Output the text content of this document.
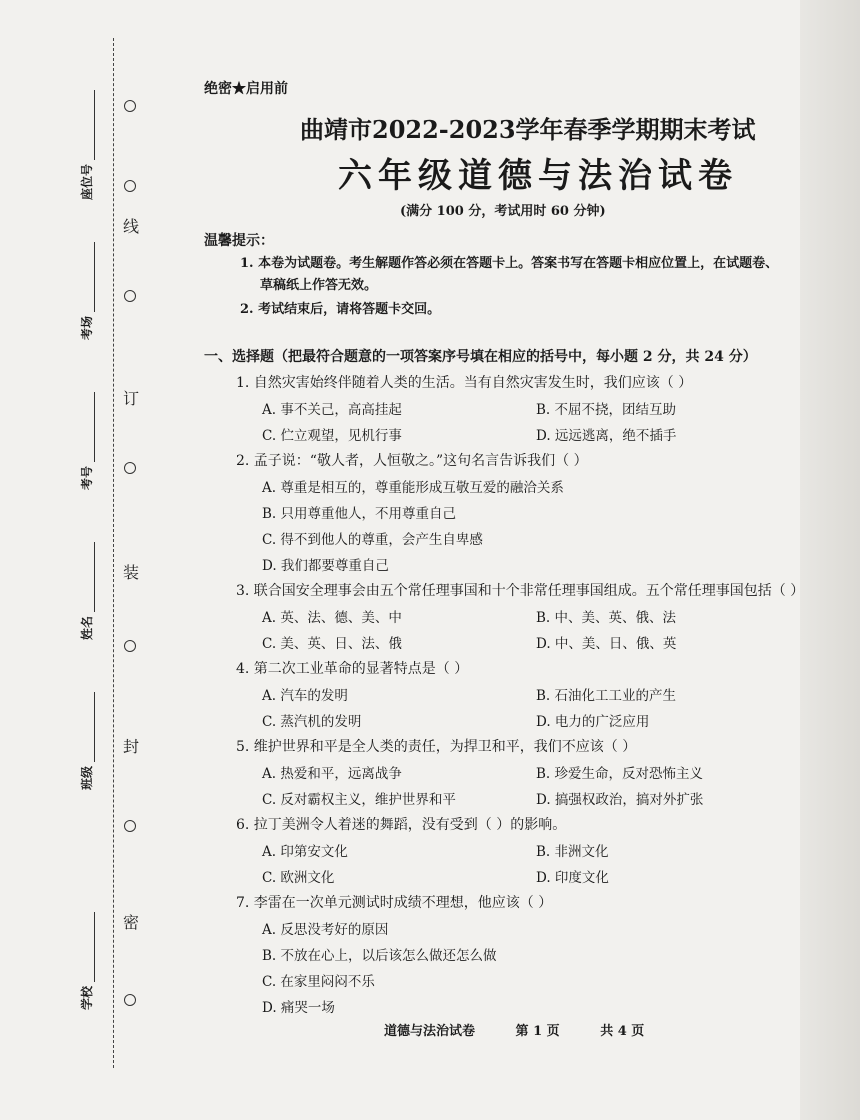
线
订
装
封
密
座位号
考场
考号
姓名
班级
学校
绝密★启用前
曲靖市2022-2023学年春季学期期末考试
六年级道德与法治试卷
(满分 100 分，考试用时 60 分钟)
温馨提示：
1. 本卷为试题卷。考生解题作答必须在答题卡上。答案书写在答题卡相应位置上，在试题卷、
草稿纸上作答无效。
2. 考试结束后，请将答题卡交回。
一、选择题（把最符合题意的一项答案序号填在相应的括号中，每小题 2 分，共 24 分）
1. 自然灾害始终伴随着人类的生活。当有自然灾害发生时，我们应该（ ）
A. 事不关己，高高挂起	B. 不屈不挠，团结互助
C. 伫立观望，见机行事	D. 远远逃离，绝不插手
2. 孟子说：“敬人者，人恒敬之。”这句名言告诉我们（ ）
A. 尊重是相互的，尊重能形成互敬互爱的融洽关系
B. 只用尊重他人，不用尊重自己
C. 得不到他人的尊重，会产生自卑感
D. 我们都要尊重自己
3. 联合国安全理事会由五个常任理事国和十个非常任理事国组成。五个常任理事国包括（ ）
A. 英、法、德、美、中	B. 中、美、英、俄、法
C. 美、英、日、法、俄	D. 中、美、日、俄、英
4. 第二次工业革命的显著特点是（ ）
A. 汽车的发明	B. 石油化工工业的产生
C. 蒸汽机的发明	D. 电力的广泛应用
5. 维护世界和平是全人类的责任，为捍卫和平，我们不应该（ ）
A. 热爱和平，远离战争	B. 珍爱生命，反对恐怖主义
C. 反对霸权主义，维护世界和平	D. 搞强权政治，搞对外扩张
6. 拉丁美洲令人着迷的舞蹈，没有受到（ ）的影响。
A. 印第安文化	B. 非洲文化
C. 欧洲文化	D. 印度文化
7. 李雷在一次单元测试时成绩不理想，他应该（ ）
A. 反思没考好的原因
B. 不放在心上，以后该怎么做还怎么做
C. 在家里闷闷不乐
D. 痛哭一场
道德与法治试卷	第 1 页	共 4 页
